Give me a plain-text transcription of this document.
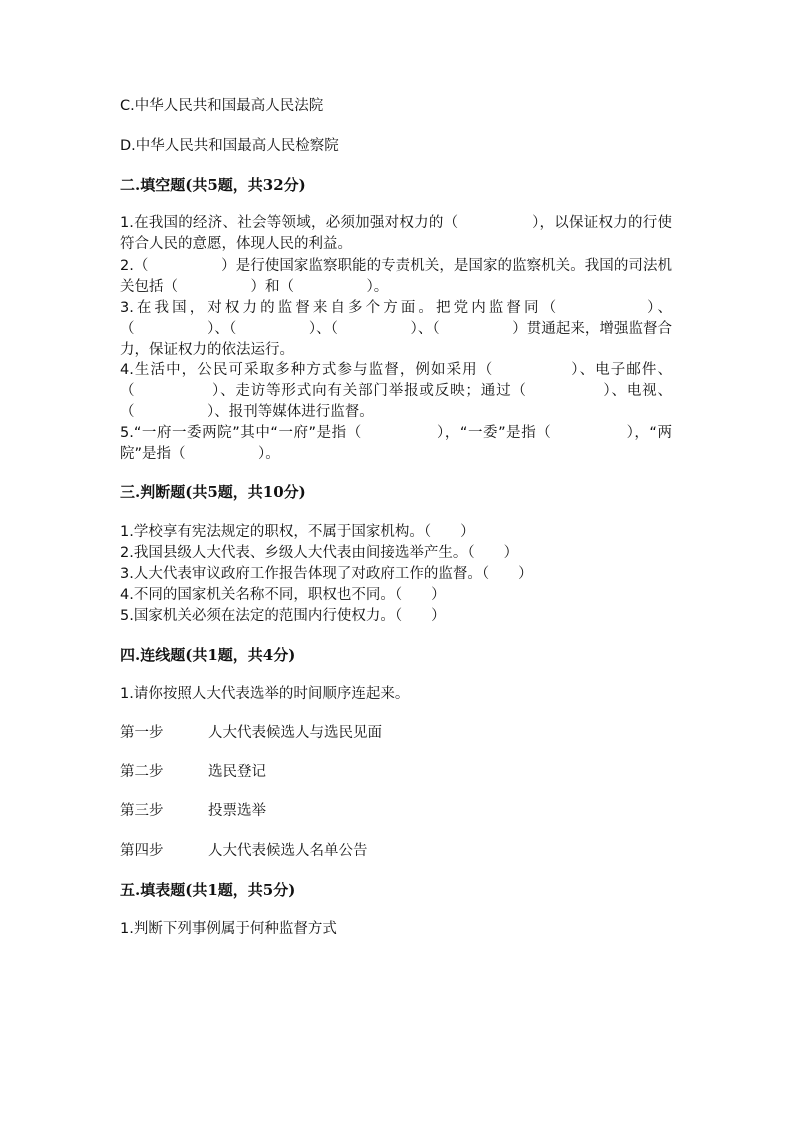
C.中华人民共和国最高人民法院
D.中华人民共和国最高人民检察院
二.填空题(共5题，共32分)
1.在我国的经济、社会等领域，必须加强对权力的（　　　　　），以保证权力的行使符合人民的意愿，体现人民的利益。
2.（　　　　　）是行使国家监察职能的专责机关，是国家的监察机关。我国的司法机关包括（　　　　　）和（　　　　　）。
3.在我国，对权力的监督来自多个方面。把党内监督同（　　　　　）、（　　　　　）、（　　　　　）、（　　　　　）、（　　　　　）贯通起来，增强监督合力，保证权力的依法运行。
4.生活中，公民可采取多种方式参与监督，例如采用（　　　　　）、电子邮件、（　　　　　）、走访等形式向有关部门举报或反映；通过（　　　　　）、电视、（　　　　　）、报刊等媒体进行监督。
5.“一府一委两院”其中“一府”是指（　　　　　），“一委”是指（　　　　　），“两院”是指（　　　　　）。
三.判断题(共5题，共10分)
1.学校享有宪法规定的职权，不属于国家机构。（　　）
2.我国县级人大代表、乡级人大代表由间接选举产生。（　　）
3.人大代表审议政府工作报告体现了对政府工作的监督。（　　）
4.不同的国家机关名称不同，职权也不同。（　　）
5.国家机关必须在法定的范围内行使权力。（　　）
四.连线题(共1题，共4分)
1.请你按照人大代表选举的时间顺序连起来。
第一步	人大代表候选人与选民见面
第二步	选民登记
第三步	投票选举
第四步	人大代表候选人名单公告
五.填表题(共1题，共5分)
1.判断下列事例属于何种监督方式
